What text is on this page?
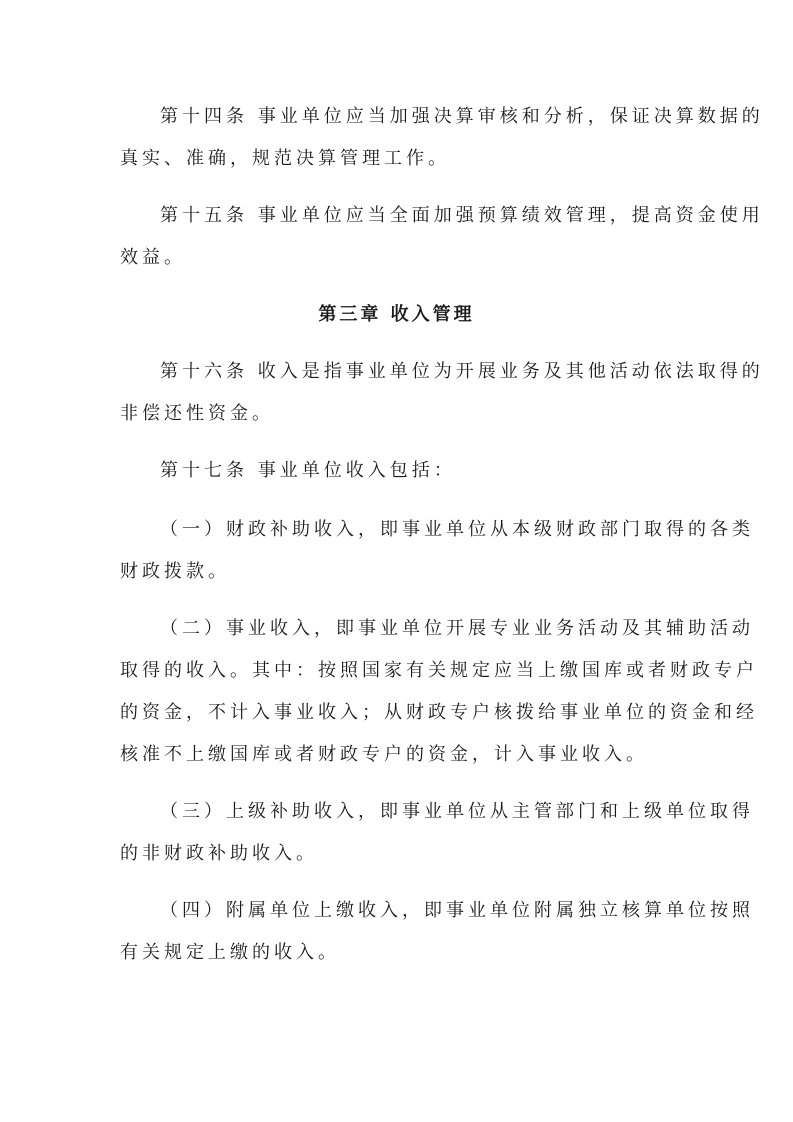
第十四条 事业单位应当加强决算审核和分析，保证决算数据的
真实、准确，规范决算管理工作。
第十五条 事业单位应当全面加强预算绩效管理，提高资金使用
效益。
第三章 收入管理
第十六条 收入是指事业单位为开展业务及其他活动依法取得的
非偿还性资金。
第十七条 事业单位收入包括：
（一）财政补助收入，即事业单位从本级财政部门取得的各类
财政拨款。
（二）事业收入，即事业单位开展专业业务活动及其辅助活动
取得的收入。其中：按照国家有关规定应当上缴国库或者财政专户
的资金，不计入事业收入；从财政专户核拨给事业单位的资金和经
核准不上缴国库或者财政专户的资金，计入事业收入。
（三）上级补助收入，即事业单位从主管部门和上级单位取得
的非财政补助收入。
（四）附属单位上缴收入，即事业单位附属独立核算单位按照
有关规定上缴的收入。
